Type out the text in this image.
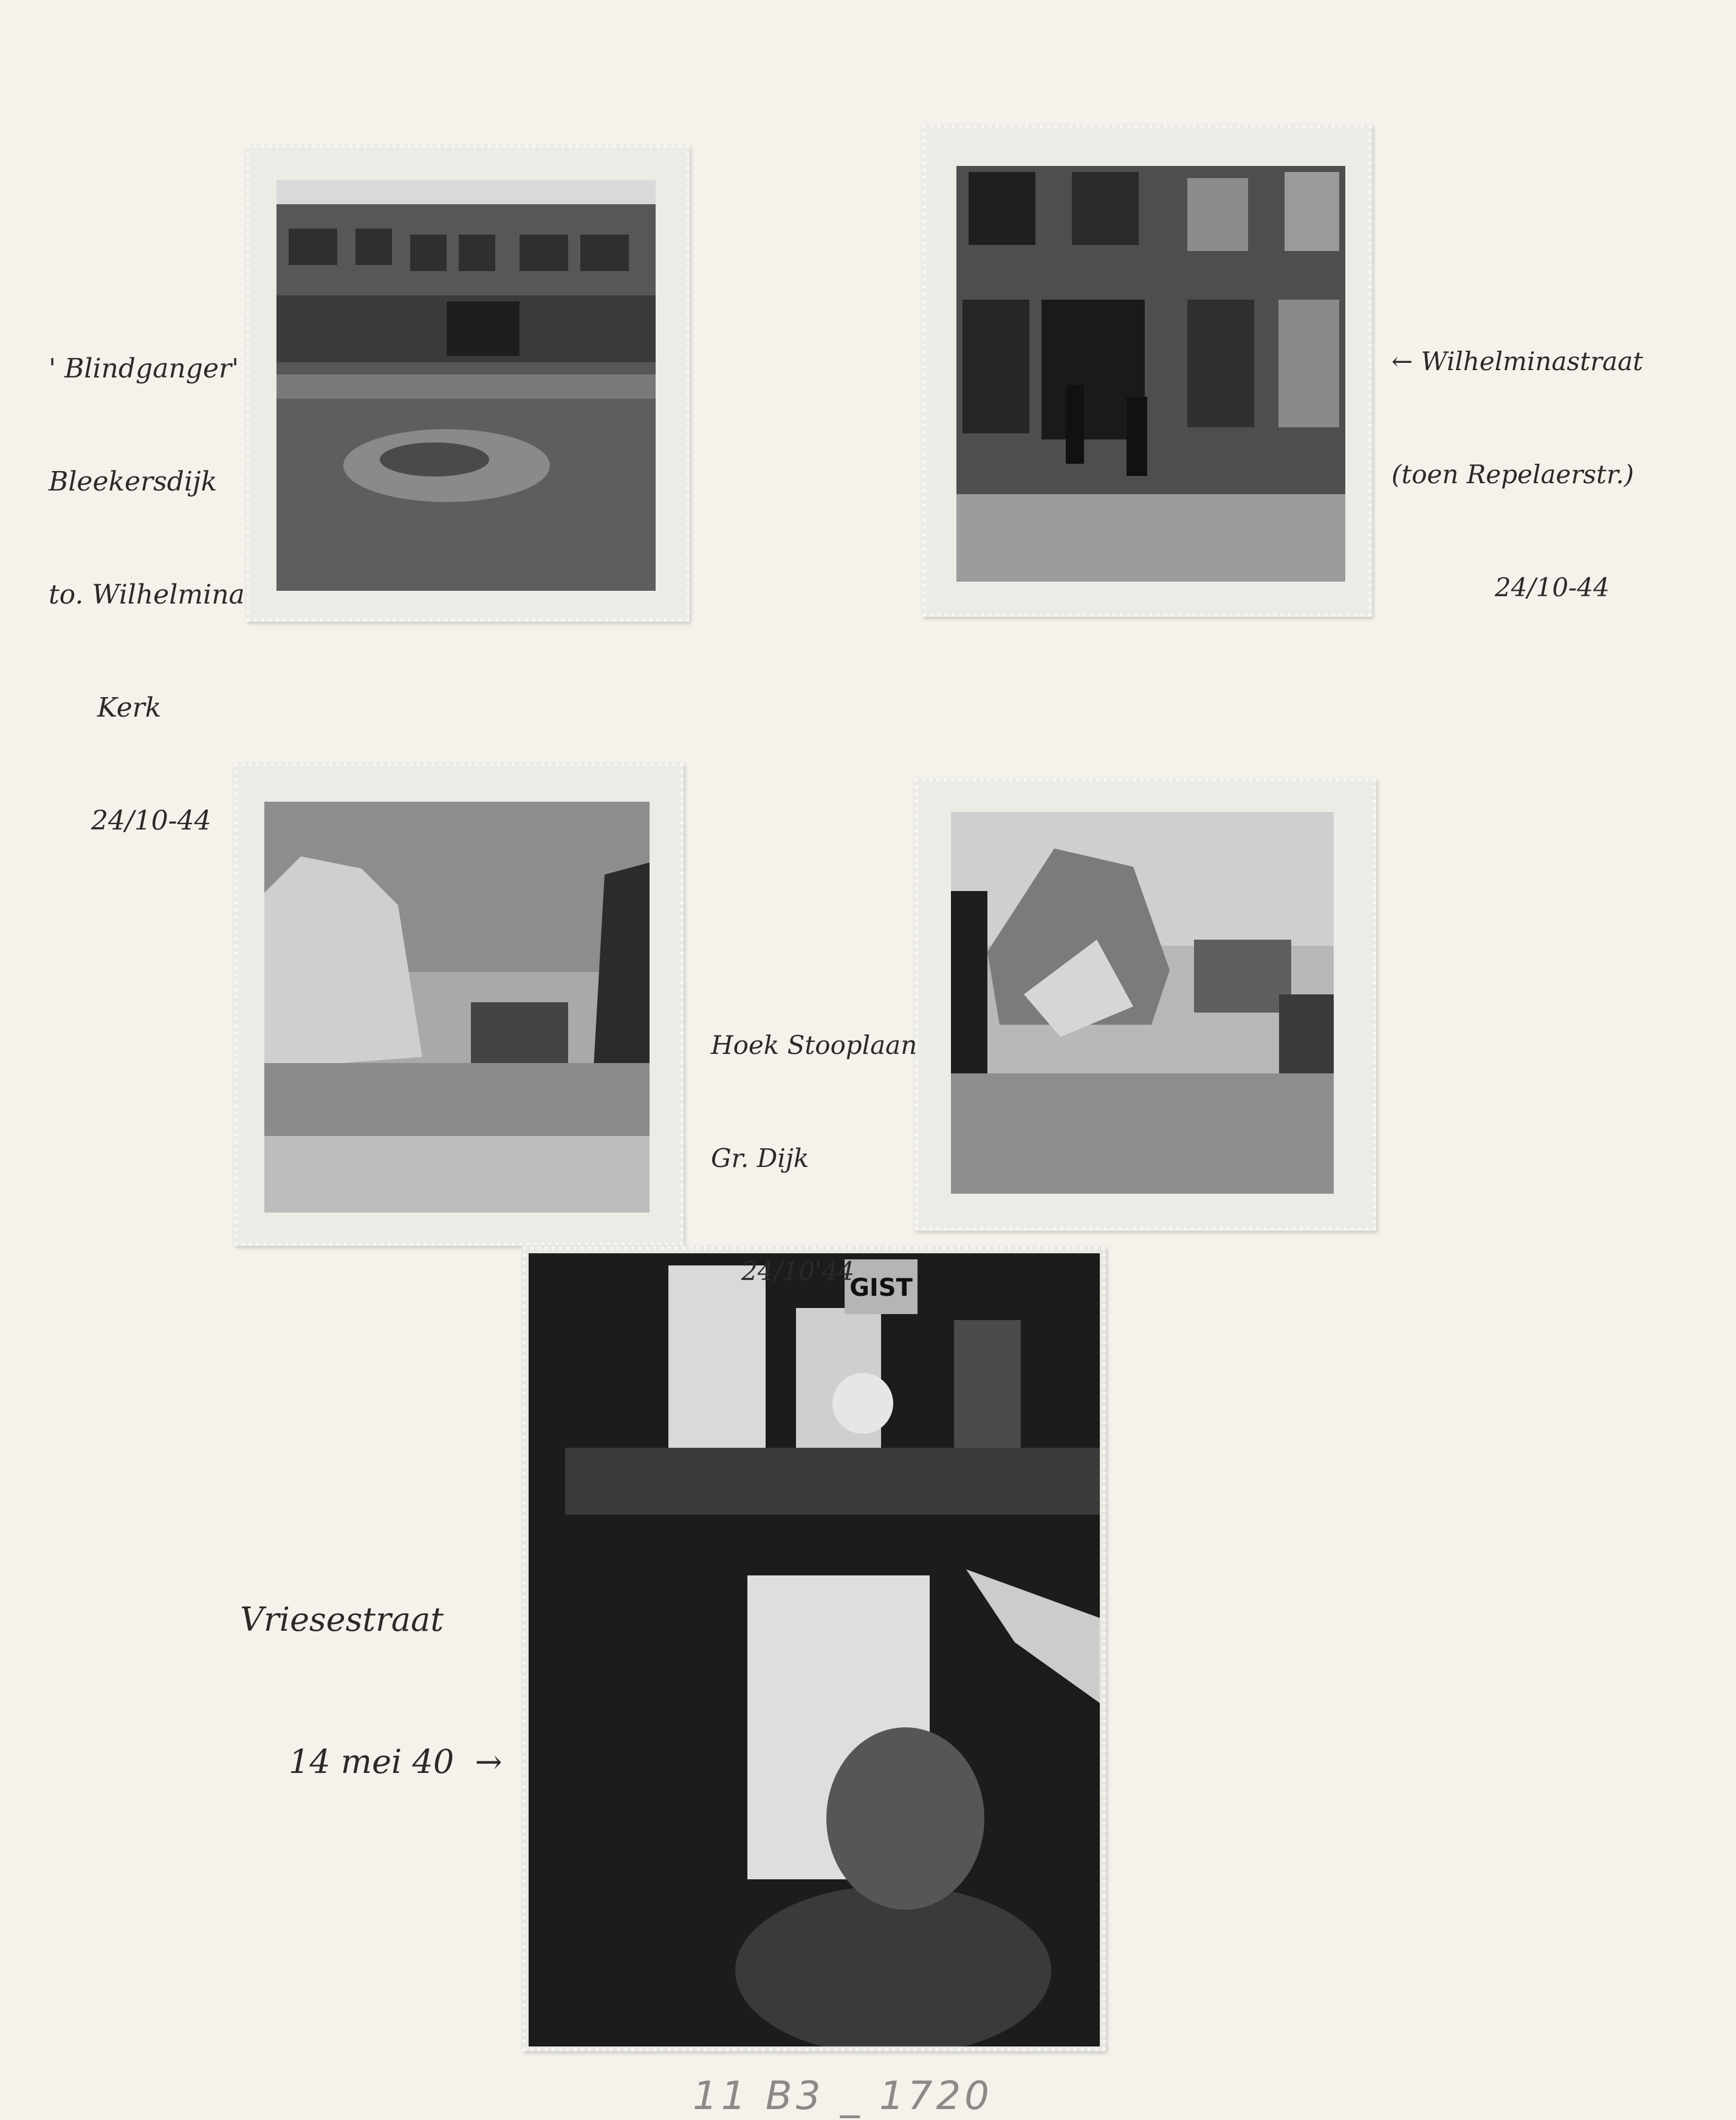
GIST

' Blindganger'

Bleekersdijk

to. Wilhelmina

Kerk

24/10-44

← Wilhelminastraat

(toen Repelaerstr.)

24/10-44

Hoek Stooplaan

Gr. Dijk

24/10'44

Vriesestraat

14 mei 40  →

11 B3 _ 1720
